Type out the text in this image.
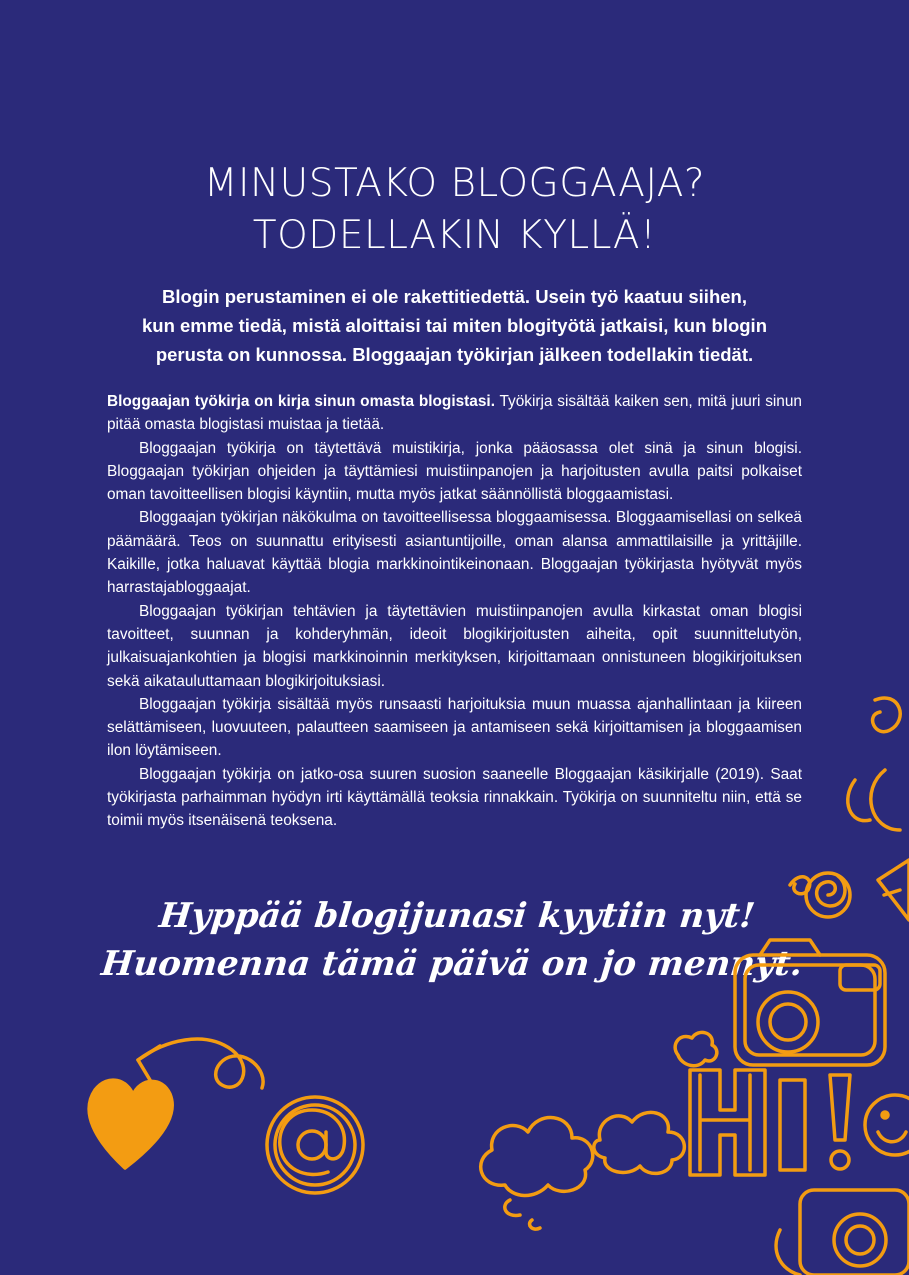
MINUSTAKO BLOGGAAJA?
TODELLAKIN KYLLÄ!
Blogin perustaminen ei ole rakettitiedettä. Usein työ kaatuu siihen,
kun emme tiedä, mistä aloittaisi tai miten blogityötä jatkaisi, kun blogin
perusta on kunnossa. Bloggaajan työkirjan jälkeen todellakin tiedät.

Bloggaajan työkirja on kirja sinun omasta blogistasi. Työkirja sisältää kaiken sen, mitä juuri sinun pitää omasta blogistasi muistaa ja tietää.

Bloggaajan työkirja on täytettävä muistikirja, jonka pääosassa olet sinä ja sinun blogisi. Bloggaajan työkirjan ohjeiden ja täyttämiesi muistiinpanojen ja harjoitusten avulla paitsi polkaiset oman tavoitteellisen blogisi käyntiin, mutta myös jatkat säännöllistä bloggaamistasi.

Bloggaajan työkirjan näkökulma on tavoitteellisessa bloggaamisessa. Bloggaamisellasi on selkeä päämäärä. Teos on suunnattu erityisesti asiantuntijoille, oman alansa ammattilaisille ja yrittäjille. Kaikille, jotka haluavat käyttää blogia markkinointikeinonaan. Bloggaajan työkirjasta hyötyvät myös harrastajabloggaajat.

Bloggaajan työkirjan tehtävien ja täytettävien muistiinpanojen avulla kirkastat oman blogisi tavoitteet, suunnan ja kohderyhmän, ideoit blogikirjoitusten aiheita, opit suunnittelutyön, julkaisuajankohtien ja blogisi markkinoinnin merkityksen, kirjoittamaan onnistuneen blogikirjoituksen sekä aikatauluttamaan blogikirjoituksiasi.

Bloggaajan työkirja sisältää myös runsaasti harjoituksia muun muassa ajanhallintaan ja kiireen selättämiseen, luovuuteen, palautteen saamiseen ja antamiseen sekä kirjoittamisen ja bloggaamisen ilon löytämiseen.

Bloggaajan työkirja on jatko-osa suuren suosion saaneelle Bloggaajan käsikirjalle (2019). Saat työkirjasta parhaimman hyödyn irti käyttämällä teoksia rinnakkain. Työkirja on suunniteltu niin, että se toimii myös itsenäisenä teoksena.

Hyppää blogijunasi kyytiin nyt!
Huomenna tämä päivä on jo mennyt.
